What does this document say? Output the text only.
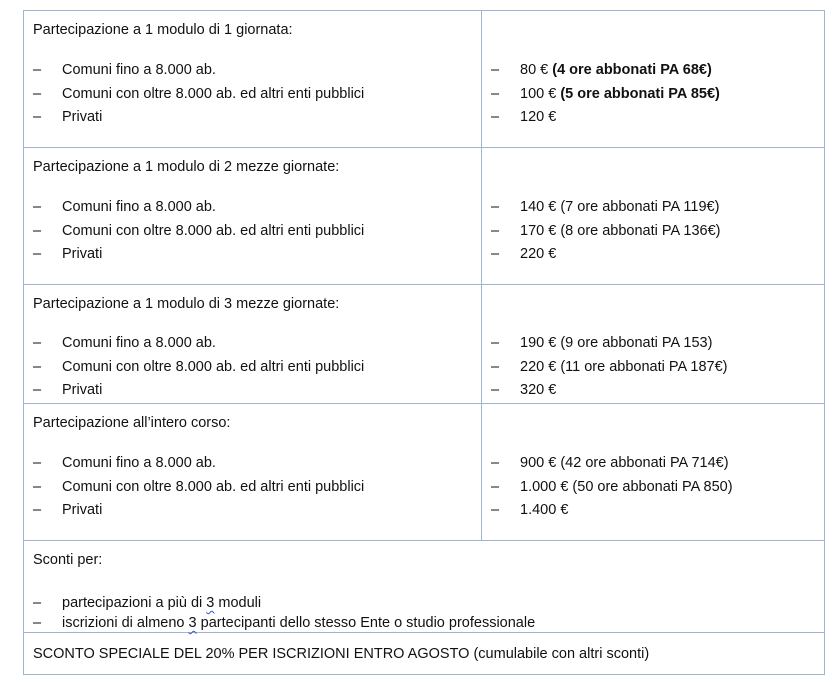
Partecipazione a 1 modulo di 1 giornata:
– Comuni fino a 8.000 ab.
– Comuni con oltre 8.000 ab. ed altri enti pubblici
– Privati
– 80 € (4 ore abbonati PA 68€)
– 100 € (5 ore abbonati PA 85€)
– 120 €
Partecipazione a 1 modulo di 2 mezze giornate:
– Comuni fino a 8.000 ab.
– Comuni con oltre 8.000 ab. ed altri enti pubblici
– Privati
– 140 € (7 ore abbonati PA 119€)
– 170 € (8 ore abbonati PA 136€)
– 220 €
Partecipazione a 1 modulo di 3 mezze giornate:
– Comuni fino a 8.000 ab.
– Comuni con oltre 8.000 ab. ed altri enti pubblici
– Privati
– 190 € (9 ore abbonati PA 153)
– 220 € (11 ore abbonati PA 187€)
– 320 €
Partecipazione all’intero corso:
– Comuni fino a 8.000 ab.
– Comuni con oltre 8.000 ab. ed altri enti pubblici
– Privati
– 900 € (42 ore abbonati PA 714€)
– 1.000 € (50 ore abbonati PA 850)
– 1.400 €
Sconti per:
– partecipazioni a più di 3 moduli
– iscrizioni di almeno 3 partecipanti dello stesso Ente o studio professionale
SCONTO SPECIALE DEL 20% PER ISCRIZIONI ENTRO AGOSTO (cumulabile con altri sconti)
